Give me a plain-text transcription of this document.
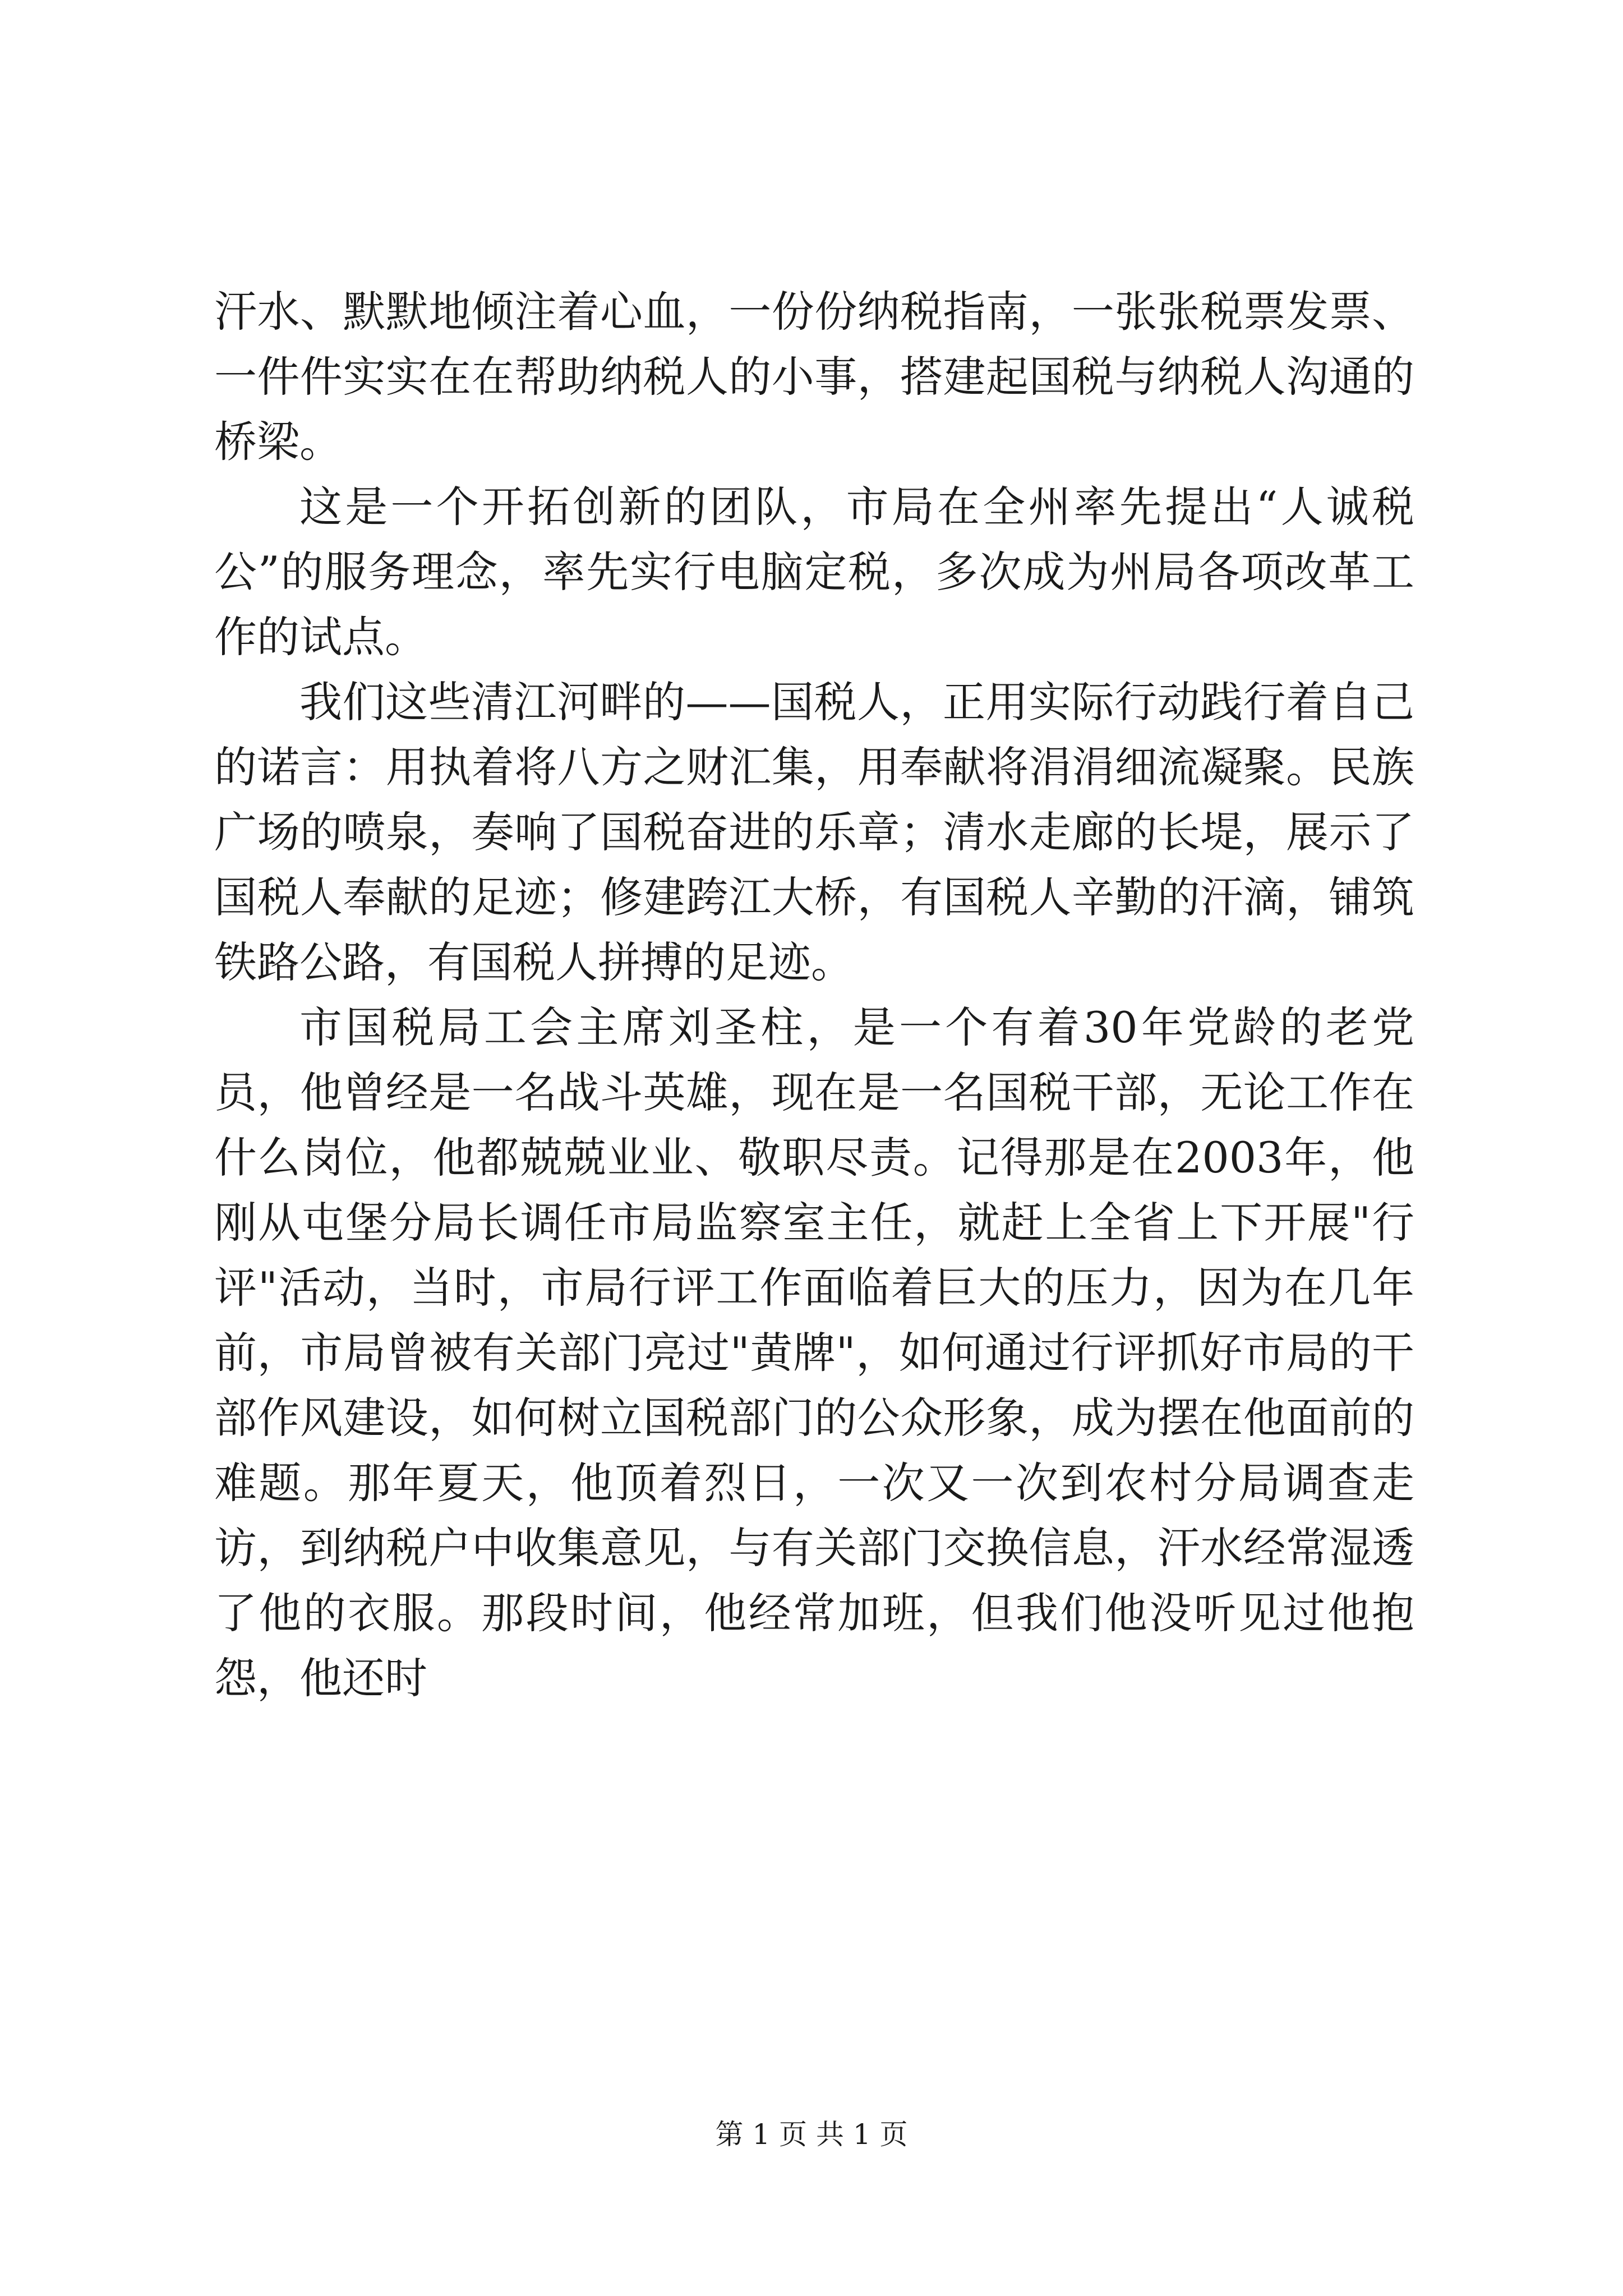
汗水、默默地倾注着心血，一份份纳税指南，一张张税票发票、一件件实实在在帮助纳税人的小事，搭建起国税与纳税人沟通的桥梁。

这是一个开拓创新的团队，市局在全州率先提出“人诚税公”的服务理念，率先实行电脑定税，多次成为州局各项改革工作的试点。

我们这些清江河畔的——国税人，正用实际行动践行着自己的诺言：用执着将八方之财汇集，用奉献将涓涓细流凝聚。民族广场的喷泉，奏响了国税奋进的乐章；清水走廊的长堤，展示了国税人奉献的足迹；修建跨江大桥，有国税人辛勤的汗滴，铺筑铁路公路，有国税人拼搏的足迹。

市国税局工会主席刘圣柱，是一个有着30年党龄的老党员，他曾经是一名战斗英雄，现在是一名国税干部，无论工作在什么岗位，他都兢兢业业、敬职尽责。记得那是在2003年，他刚从屯堡分局长调任市局监察室主任，就赶上全省上下开展"行评"活动，当时，市局行评工作面临着巨大的压力，因为在几年前，市局曾被有关部门亮过"黄牌"，如何通过行评抓好市局的干部作风建设，如何树立国税部门的公众形象，成为摆在他面前的难题。那年夏天，他顶着烈日，一次又一次到农村分局调查走访，到纳税户中收集意见，与有关部门交换信息，汗水经常湿透了他的衣服。那段时间，他经常加班，但我们他没听见过他抱怨，他还时

第 1 页 共 1 页
